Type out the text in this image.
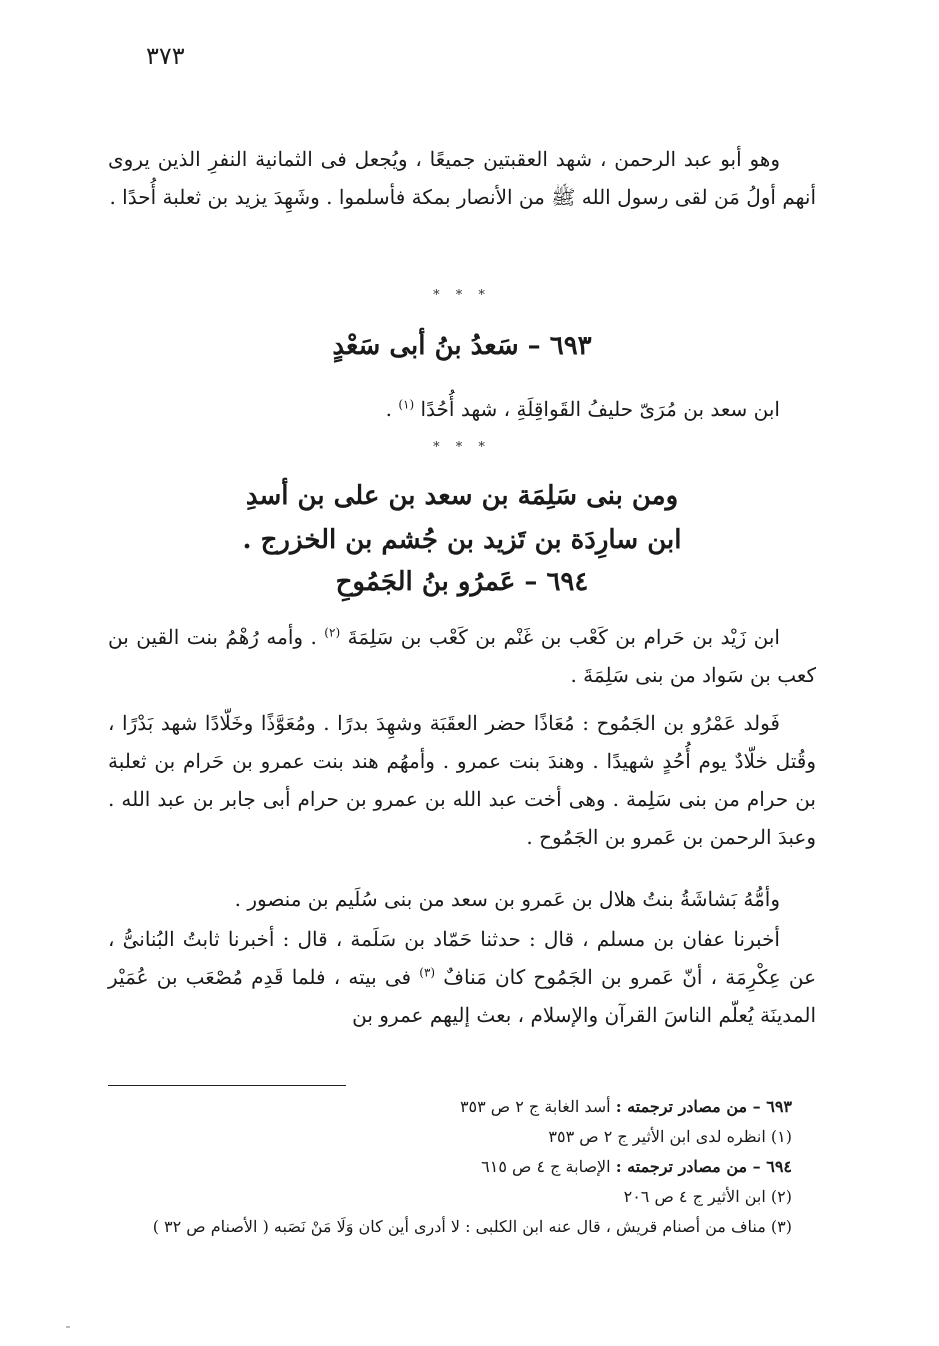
٣٧٣
وهو أبو عبد الرحمن ، شهد العقبتين جميعًا ، ويُجعل فى الثمانية النفرِ الذين يروى أنهم أولُ مَن لقى رسول الله ﷺ من الأنصار بمكة فأسلموا . وشَهِدَ يزيد بن ثعلبة أُحدًا .
* * *
٦٩٣ – سَعدُ بنُ أبى سَعْدٍ
ابن سعد بن مُرَىّ حليفُ القَواقِلَةِ ، شهد أُحُدًا $^{(١)}$ .
* * *
ومن بنى سَلِمَة بن سعد بن على بن أسدِ
ابن سارِدَة بن تَزيد بن جُشم بن الخزرج .
٦٩٤ – عَمرُو بنُ الجَمُوحِ
ابن زَيْد بن حَرام بن كَعْب بن غَنْم بن كَعْب بن سَلِمَةَ $^{(٢)}$ . وأمه رُهْمُ بنت القين بن كعب بن سَواد من بنى سَلِمَةَ .
فَولد عَمْرُو بن الجَمُوح : مُعَاذًا حضر العقَبَة وشهِدَ بدرًا . ومُعَوَّذًا وخَلّادًا شهد بَدْرًا ، وقُتل خلّادٌ يوم أُحُدٍ شهيدًا . وهندَ بنت عمرو . وأمهُم هند بنت عمرو بن حَرام بن ثعلبة بن حرام من بنى سَلِمة . وهى أخت عبد الله بن عمرو بن حرام أبى جابر بن عبد الله . وعبدَ الرحمن بن عَمرو بن الجَمُوح .
وأمُّهُ بَشاشَةُ بنتُ هلال بن عَمرو بن سعد من بنى سُلَيم بن منصور .
أخبرنا عفان بن مسلم ، قال : حدثنا حَمّاد بن سَلَمة ، قال : أخبرنا ثابتُ البُنانىُّ ، عن عِكْرِمَة ، أنّ عَمرو بن الجَمُوح كان مَنافٌ $^{(٣)}$ فى بيته ، فلما قَدِم مُصْعَب بن عُمَيْر المدينَة يُعلّم الناسَ القرآن والإسلام ، بعث إليهم عمرو بن
٦٩٣ – من مصادر ترجمته : أسد الغابة ج ٢ ص ٣٥٣
(١) انظره لدى ابن الأثير ج ٢ ص ٣٥٣
٦٩٤ – من مصادر ترجمته : الإصابة ج ٤ ص ٦١٥
(٢) ابن الأثير ج ٤ ص ٢٠٦
(٣) مناف من أصنام قريش ، قال عنه ابن الكلبى : لا أدرى أين كان وَلَا مَنْ نَصَبه ( الأصنام ص ٣٢ )
